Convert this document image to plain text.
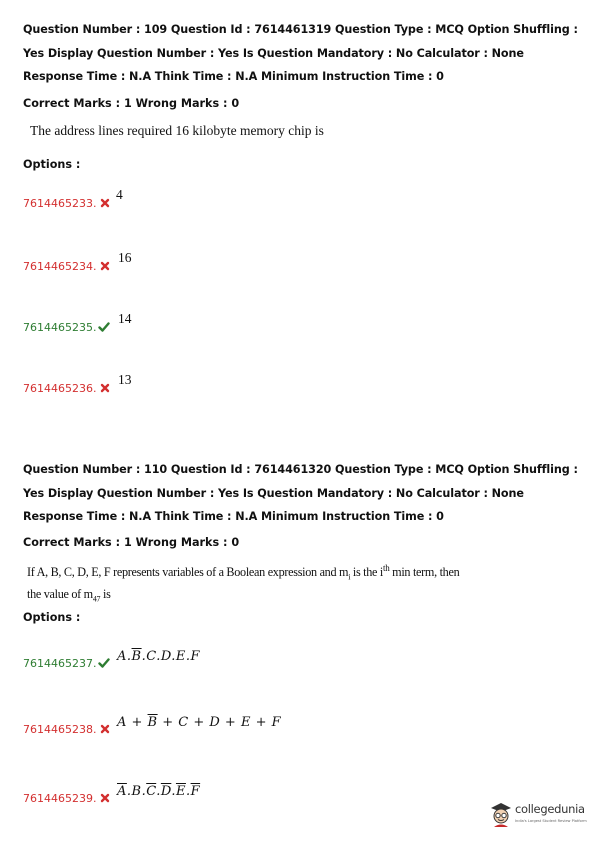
Question Number : 109 Question Id : 7614461319 Question Type : MCQ Option Shuffling : Yes Display Question Number : Yes Is Question Mandatory : No Calculator : None Response Time : N.A Think Time : N.A Minimum Instruction Time : 0
Correct Marks : 1 Wrong Marks : 0
The address lines required 16 kilobyte memory chip is
Options :
7614465233.
4
7614465234.
16
7614465235.
14
7614465236.
13
Question Number : 110 Question Id : 7614461320 Question Type : MCQ Option Shuffling : Yes Display Question Number : Yes Is Question Mandatory : No Calculator : None Response Time : N.A Think Time : N.A Minimum Instruction Time : 0
Correct Marks : 1 Wrong Marks : 0
If A, B, C, D, E, F represents variables of a Boolean expression and $m_i$ is the $i^{th}$ min term, then
the value of $m_{47}$ is
Options :
7614465237. $A.\overline{B}.C.D.E.F$
7614465238. $A + \overline{B} + C + D + E + F$
7614465239. $\overline{A}.B.\overline{C}.\overline{D}.\overline{E}.\overline{F}$
collegedunia
India's Largest Student Review Platform
